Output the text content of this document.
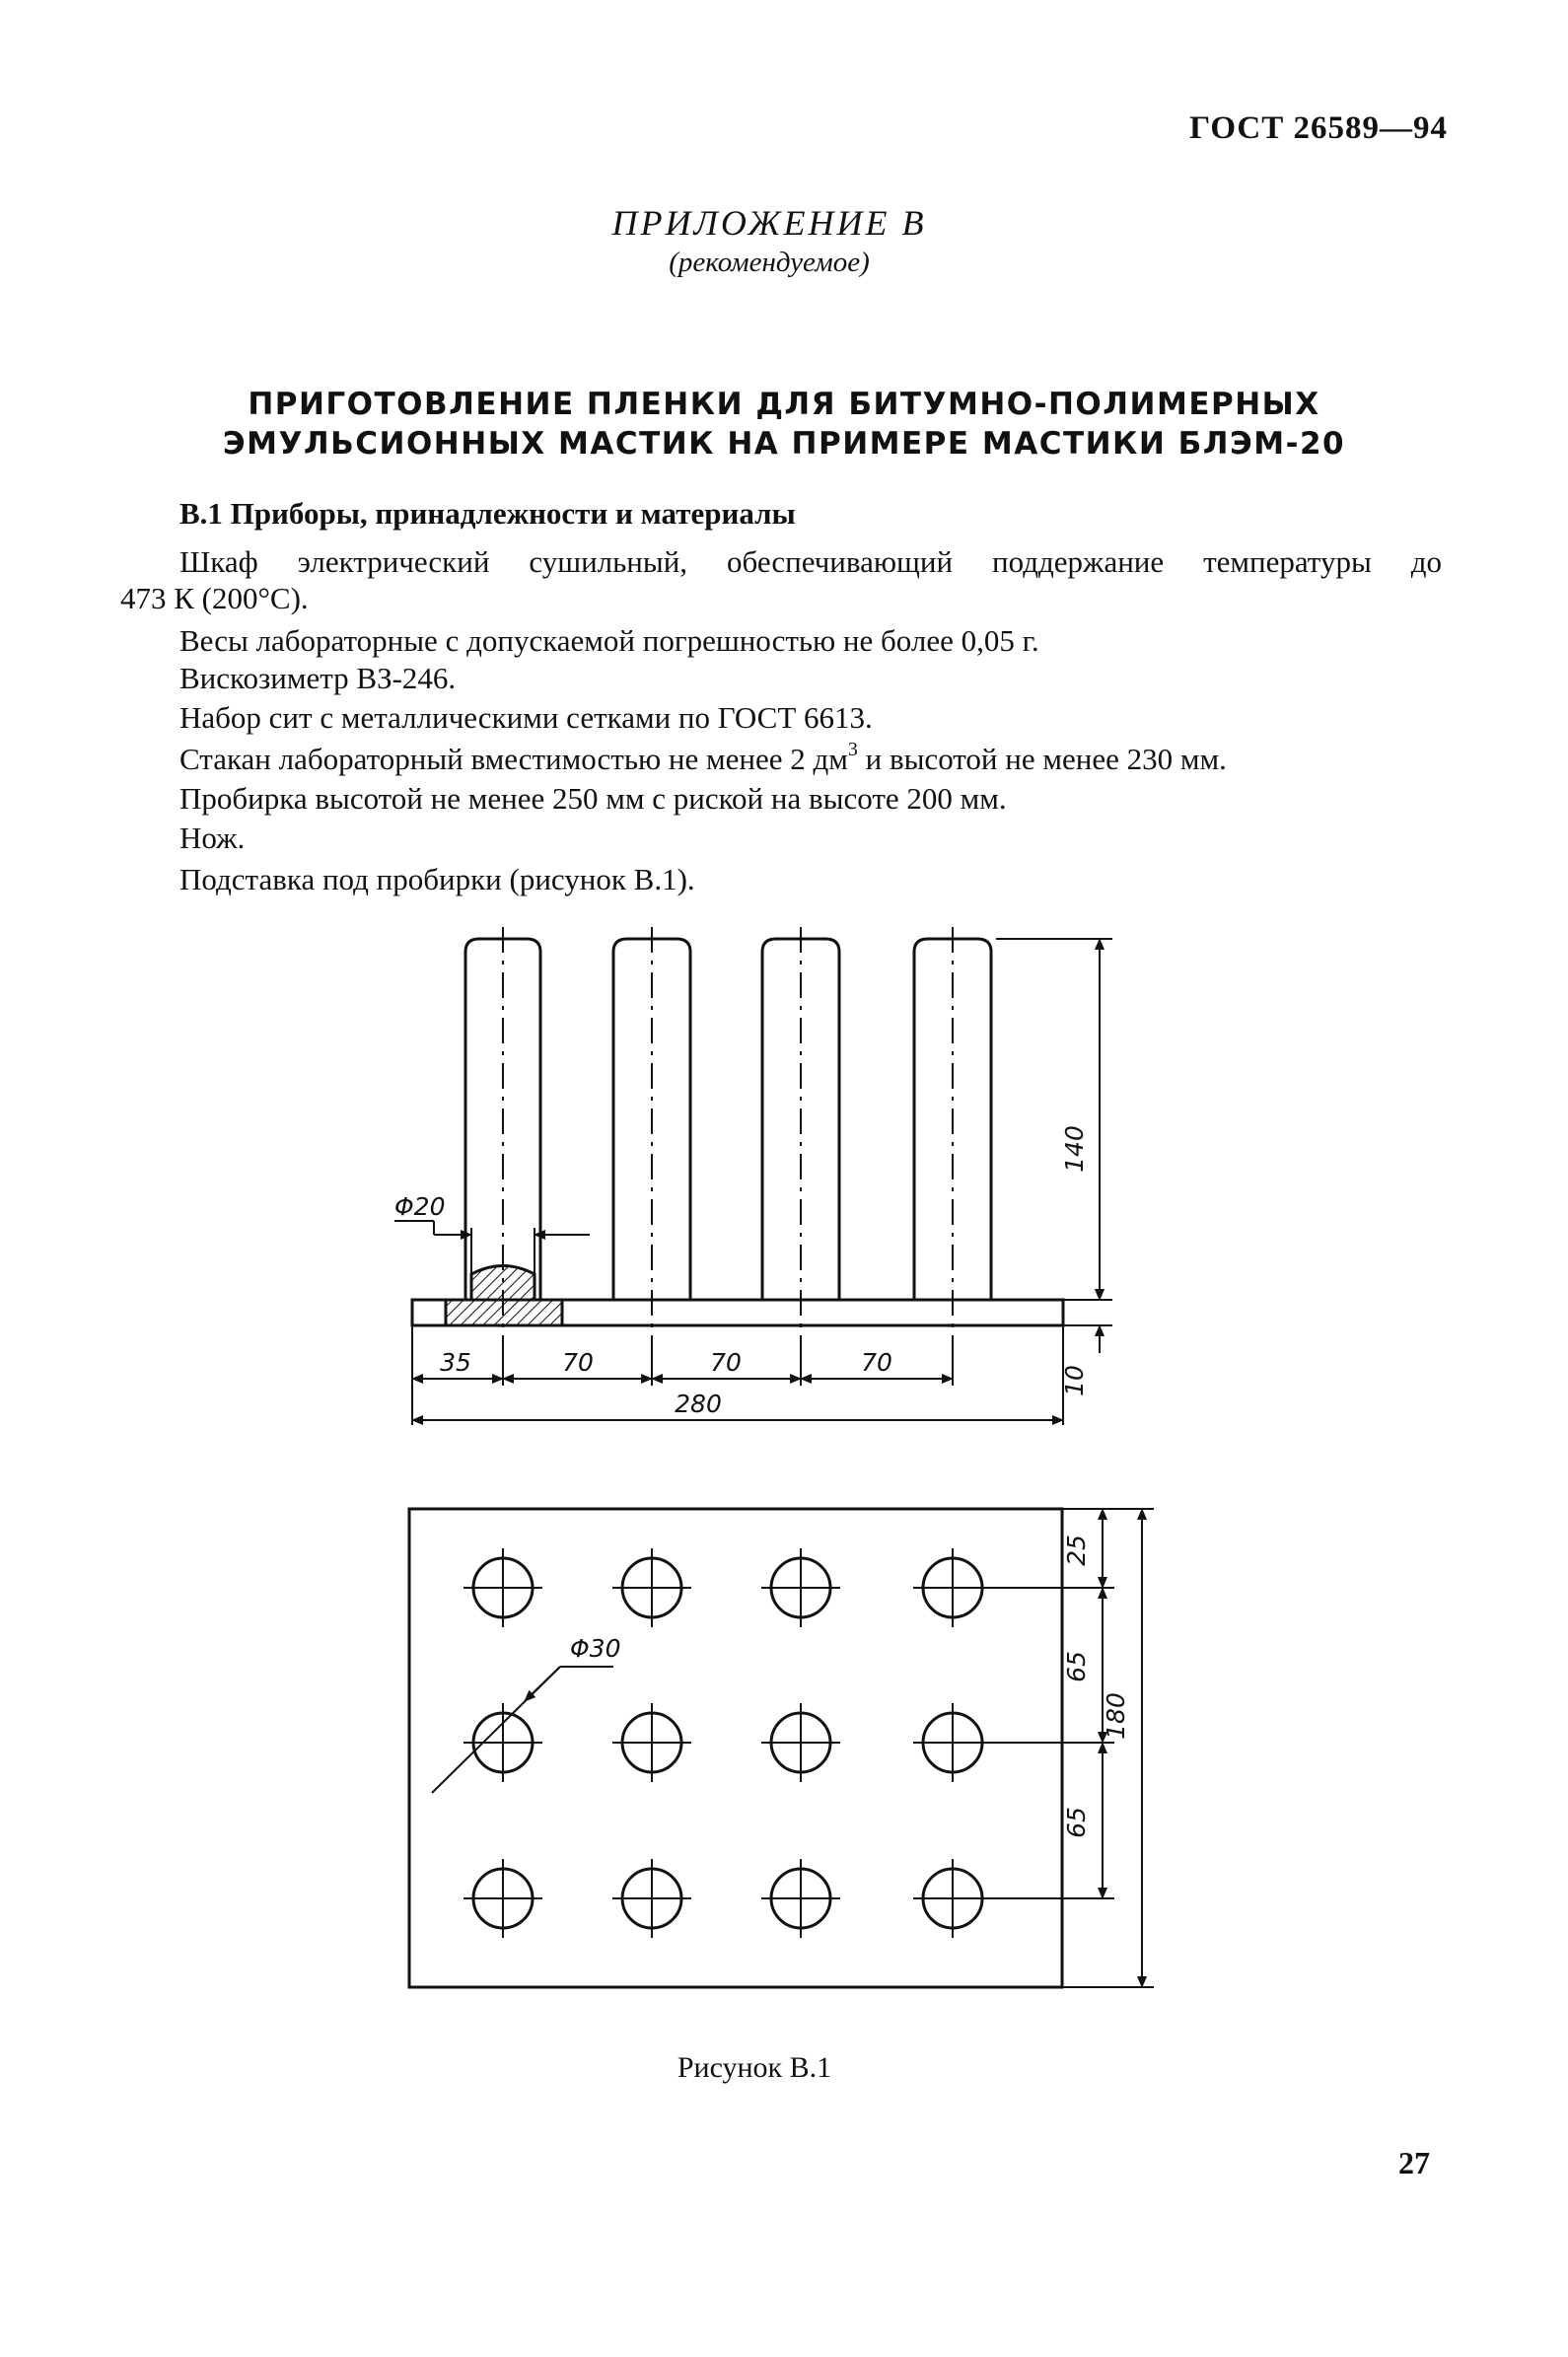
ГОСТ 26589—94
ПРИЛОЖЕНИЕ В
(рекомендуемое)
ПРИГОТОВЛЕНИЕ ПЛЕНКИ ДЛЯ БИТУМНО-ПОЛИМЕРНЫХ
ЭМУЛЬСИОННЫХ МАСТИК НА ПРИМЕРЕ МАСТИКИ БЛЭМ-20
В.1 Приборы, принадлежности и материалы
Шкаф электрический сушильный, обеспечивающий поддержание температуры до
473 К (200°С).
Весы лабораторные с допускаемой погрешностью не более 0,05 г.
Вискозиметр ВЗ-246.
Набор сит с металлическими сетками по ГОСТ 6613.
Стакан лабораторный вместимостью не менее 2 $дм^3$ и высотой не менее 230 мм.
Пробирка высотой не менее 250 мм с риской на высоте 200 мм.
Нож.
Подставка под пробирки (рисунок В.1).
Φ20
140
10
35	70	70	70
280
Φ30
25
65
65
180
Рисунок В.1
27
